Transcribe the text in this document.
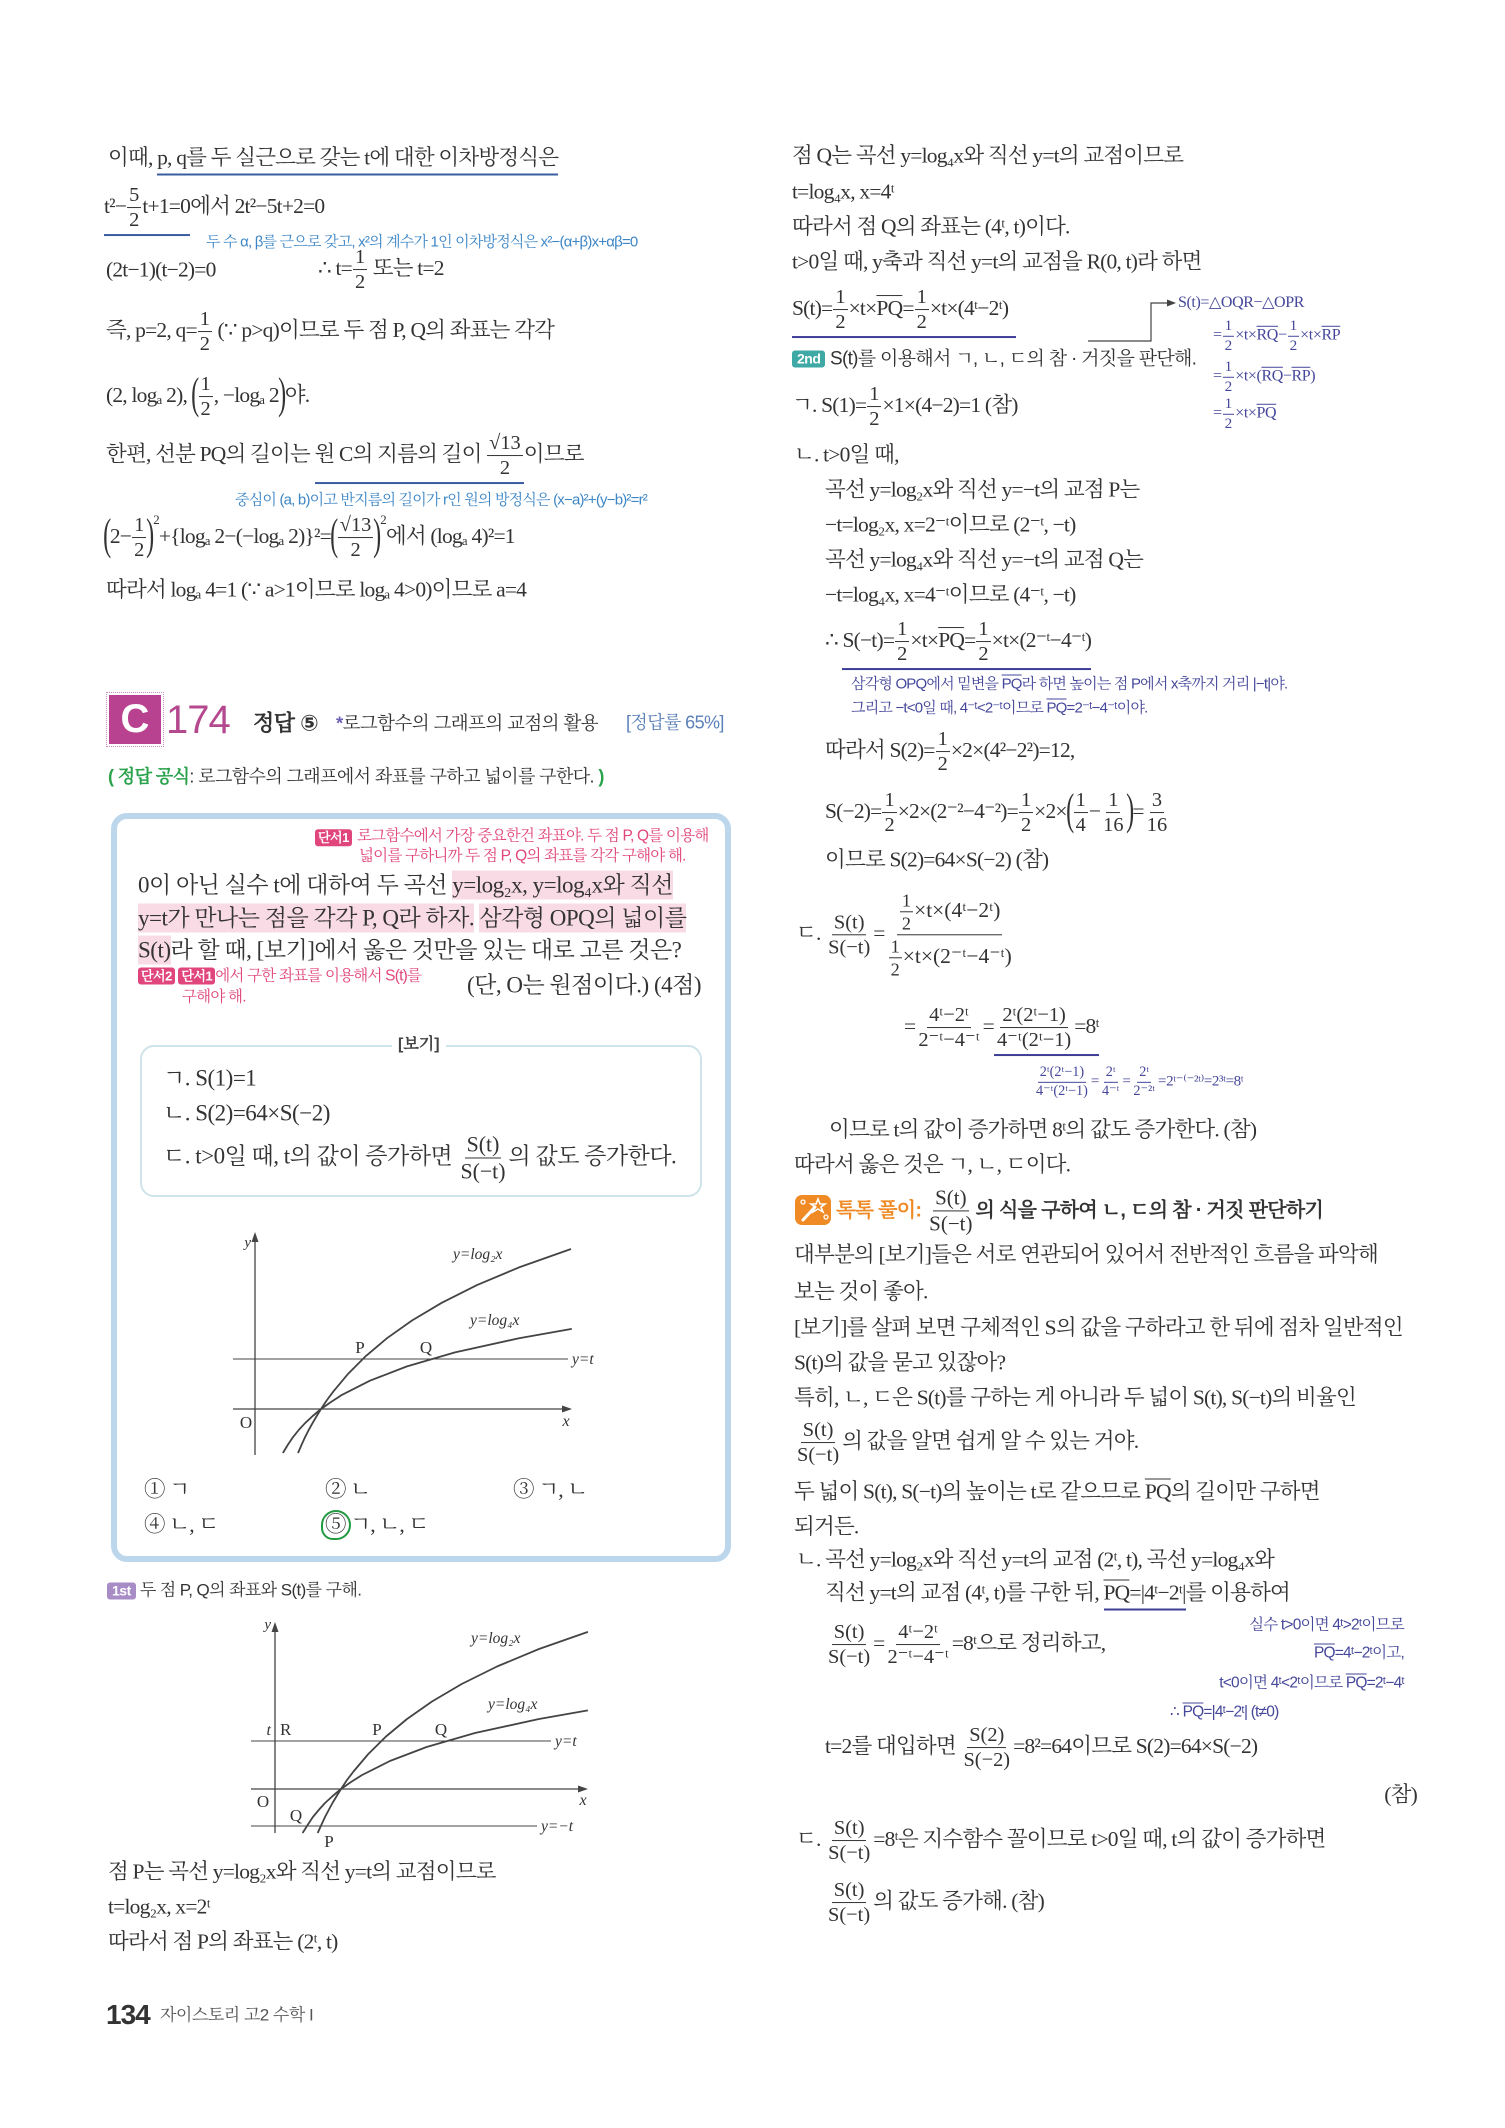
이때, p, q를 두 실근으로 갖는 t에 대한 이차방정식은
$t^2- \frac{5}{2} t+1=0$에서 2t²−5t+2=0
두 수 α, β를 근으로 갖고, x²의 계수가 1인 이차방정식은 x²−(α+β)x+αβ=0
(2t−1)(t−2)=0	∴ $t= \frac{1}{2}$ 또는 t=2
즉, p=2, $q= \frac{1}{2}$ (∵ p>q)이므로 두 점 P, Q의 좌표는 각각
(2, logₐ 2), ( $\frac{1}{2}$ , −logₐ 2)야.
한편, 선분 PQ의 길이는 원 C의 지름의 길이 $\frac{√13}{2}$ 이므로
중심이 (a, b)이고 반지름의 길이가 r인 원의 방정식은 (x−a)²+(y−b)²=r²
$(2- \frac{1}{2} )^2+\{\log_a$ 2−(−logₐ $2)\}^2=( \frac{√13}{2} )^2$에서 (logₐ 4)²=1
따라서 logₐ 4=1 (∵ a>1이므로 logₐ 4>0)이므로 a=4
C 174 정답 ⑤ *로그함수의 그래프의 교점의 활용 [정답률 65%]
( 정답 공식: 로그함수의 그래프에서 좌표를 구하고 넓이를 구한다. )
단서1 로그함수에서 가장 중요한건 좌표야. 두 점 P, Q를 이용해
넓이를 구하니까 두 점 P, Q의 좌표를 각각 구해야 해.
0이 아닌 실수 t에 대하여 두 곡선 y=log₂x, y=log₄x와 직선
y=t가 만나는 점을 각각 P, Q라 하자. 삼각형 OPQ의 넓이를
S(t)라 할 때, [보기]에서 옳은 것만을 있는 대로 고른 것은?
단서2 단서1 에서 구한 좌표를 이용해서 S(t)를
구해야 해.	(단, O는 원점이다.) (4점)
[보기]
ㄱ. S(1)=1
ㄴ. S(2)=64×S(−2)
ㄷ. t>0일 때, t의 값이 증가하면 $\frac{S(t)}{S(-t)}$ 의 값도 증가한다.
① ㄱ	② ㄴ	③ ㄱ, ㄴ
④ ㄴ, ㄷ	⑤ ㄱ, ㄴ, ㄷ
1st 두 점 P, Q의 좌표와 S(t)를 구해.
점 P는 곡선 y=log₂x와 직선 y=t의 교점이므로
t=log₂x, x=2ᵗ
따라서 점 P의 좌표는 (2ᵗ, t)
134 자이스토리 고2 수학 I
점 Q는 곡선 y=log₄x와 직선 y=t의 교점이므로
t=log₄x, x=4ᵗ
따라서 점 Q의 좌표는 (4ᵗ, t)이다.
t>0일 때, y축과 직선 y=t의 교점을 R(0, t)라 하면
$S(t)= \frac{1}{2} \times t\times\overline{PQ}= \frac{1}{2}$ ×t×(4ᵗ−2ᵗ)	S(t)=△OQR−△OPR
= $\frac{1}{2} \times t\times\overline{RQ}- \frac{1}{2} \times t\times\overline{RP}$
= $\frac{1}{2} \times t\times(\overline{RQ}-\overline{RP})$
= $\frac{1}{2} \times t\times\overline{PQ}$
2nd S(t)를 이용해서 ㄱ, ㄴ, ㄷ의 참 · 거짓을 판단해.
ㄱ. $S(1)= \frac{1}{2} \times 1\times(4-2)=1$ (참)
ㄴ. t>0일 때,
곡선 y=log₂x와 직선 y=−t의 교점 P는
−t=log₂x, x=2⁻ᵗ이므로 (2⁻ᵗ, −t)
곡선 y=log₄x와 직선 y=−t의 교점 Q는
−t=log₄x, x=4⁻ᵗ이므로 (4⁻ᵗ, −t)
∴ $S(-t)= \frac{1}{2} \times t\times\overline{PQ}= \frac{1}{2}$ ×t×(2⁻ᵗ−4⁻ᵗ)
삼각형 OPQ에서 밑변을 $\overline{PQ}$라 하면 높이는 점 P에서 x축까지 거리 |−t|야.
그리고 −t<0일 때, 4⁻ᵗ<2⁻ᵗ이므로 $\overline{PQ}=2^-ᵗ-4^-ᵗ$이야.
따라서 $S(2)= \frac{1}{2} \times 2\times(4^2-2^2)=12$,
$S(-2)= \frac{1}{2} \times 2\times(2^{-2}-4^{-2})= \frac{1}{2} \times 2\times( \frac{1}{4} - \frac{1}{16}$ )= $\frac{3}{16}$
이므로 S(2)=64×S(−2) (참)
ㄷ. $\frac{S(t)}{S(-t)} = \frac{\frac{1}{2} \times t\times(4ᵗ-2ᵗ)}{\frac{1}{2} \times t\times(2^-ᵗ-4^-ᵗ)}$
= $\frac{\text{4ᵗ−2ᵗ}}{\text{2⁻ᵗ−4⁻ᵗ}} = \frac{\text{2ᵗ(2ᵗ−1)}}{\text{4⁻ᵗ(2ᵗ−1)}}$ =8ᵗ
$\frac{\text{2ᵗ(2ᵗ−1)}}{\text{4⁻ᵗ(2ᵗ−1)}} = \frac{\text{2ᵗ}}{\text{4⁻ᵗ}} = \frac{\text{2ᵗ}}{\text{2⁻²ᵗ}}$ =2ᵗ⁻⁽⁻²ᵗ⁾=2³ᵗ=8ᵗ
이므로 t의 값이 증가하면 8ᵗ의 값도 증가한다. (참)
따라서 옳은 것은 ㄱ, ㄴ, ㄷ이다.
톡톡 풀이: $\frac{S(t)}{S(-t)}$ 의 식을 구하여 ㄴ, ㄷ의 참 · 거짓 판단하기
대부분의 [보기]들은 서로 연관되어 있어서 전반적인 흐름을 파악해
보는 것이 좋아.
[보기]를 살펴 보면 구체적인 S의 값을 구하라고 한 뒤에 점차 일반적인
S(t)의 값을 묻고 있잖아?
특히, ㄴ, ㄷ은 S(t)를 구하는 게 아니라 두 넓이 S(t), S(−t)의 비율인
$\frac{S(t)}{S(-t)}$ 의 값을 알면 쉽게 알 수 있는 거야.
두 넓이 S(t), S(−t)의 높이는 t로 같으므로 $\overline{PQ}$의 길이만 구하면
되거든.
ㄴ. 곡선 y=log₂x와 직선 y=t의 교점 (2ᵗ, t), 곡선 y=log₄x와
직선 y=t의 교점 (4ᵗ, t)를 구한 뒤, $\overline{PQ}=|4ᵗ-2ᵗ|$를 이용하여
$\frac{S(t)}{S(-t)} = \frac{\text{4ᵗ−2ᵗ}}{\text{2⁻ᵗ−4⁻ᵗ}}$ =8ᵗ으로 정리하고,
실수 t>0이면 4ᵗ>2ᵗ이므로
$\overline{PQ}=4ᵗ-2ᵗ$이고,
t<0이면 4ᵗ<2ᵗ이므로 $\overline{PQ}=2ᵗ-4ᵗ$
∴ $\overline{PQ}=|4ᵗ-2ᵗ|$ (t≠0)
t=2를 대입하면 $\frac{S(2)}{S(-2)} =8^2=64$이므로 S(2)=64×S(−2)
(참)
ㄷ. $\frac{S(t)}{S(-t)}$ =8ᵗ은 지수함수 꼴이므로 t>0일 때, t의 값이 증가하면
$\frac{S(t)}{S(-t)}$ 의 값도 증가해. (참)
y
O	x
P	Q
y=log₂x
y=log₄x
y=t
y
t R	P	Q
O	x
Q
P
y=log₂x
y=log₄x
y=t
y=−t
